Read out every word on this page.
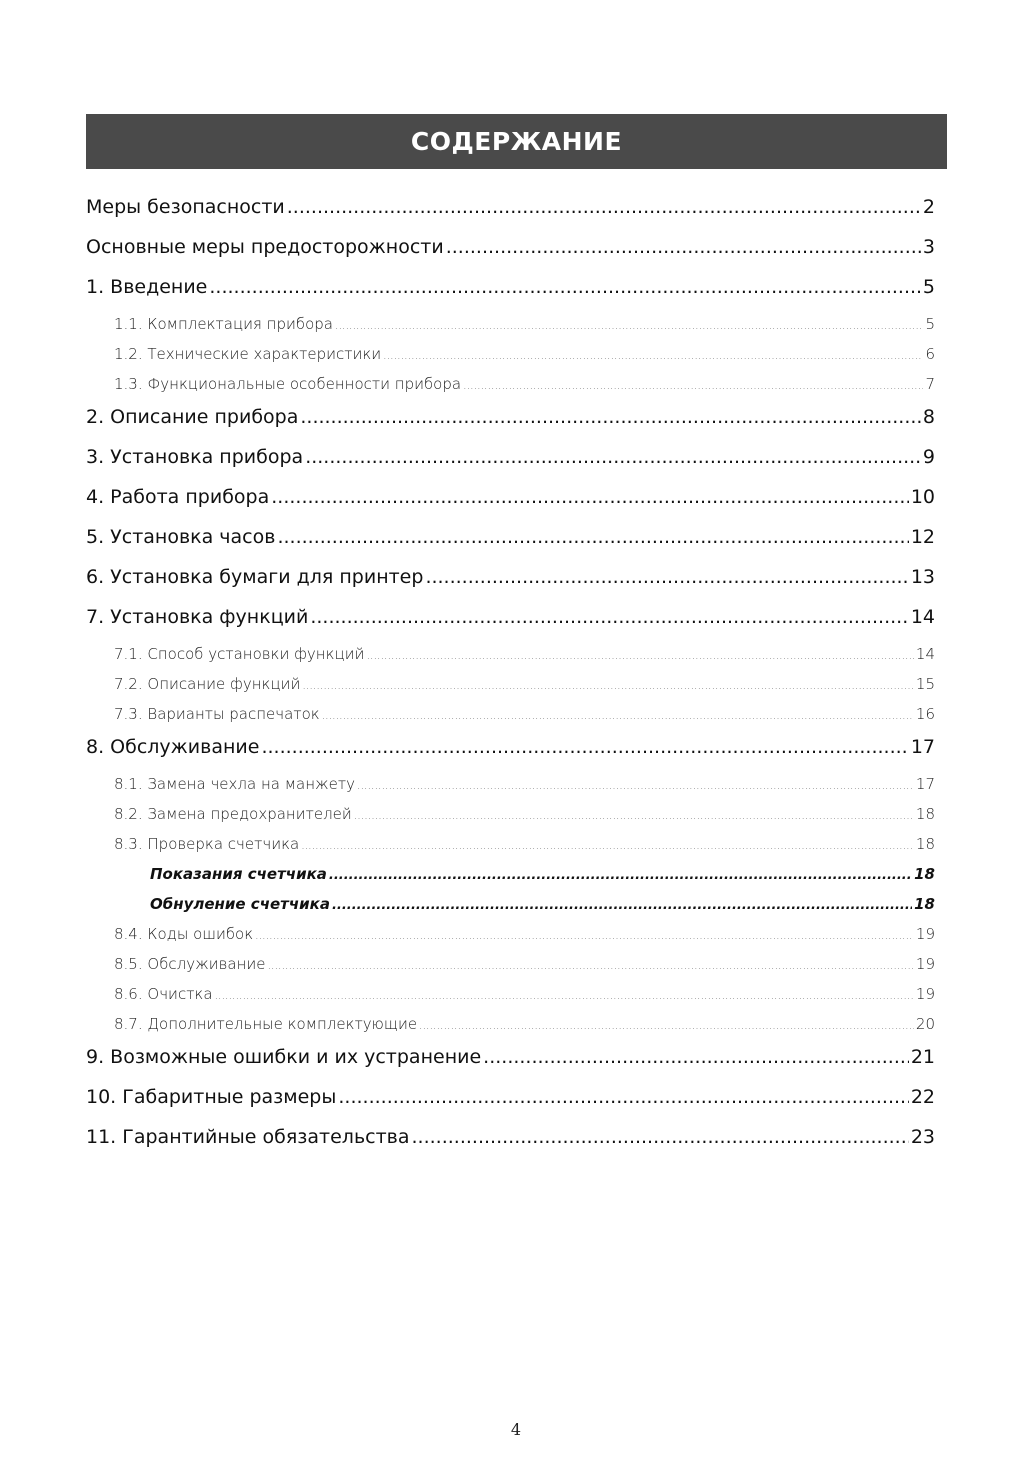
СОДЕРЖАНИЕ
Меры безопасности .....	2
Основные меры предосторожности .....	3
1. Введение .....	5
1.1. Комплектация прибора .....	5
1.2. Технические характеристики .....	6
1.3. Функциональные особенности прибора .....	7
2. Описание прибора .....	8
3. Установка прибора .....	9
4. Работа прибора .....	10
5. Установка часов .....	12
6. Установка бумаги для принтер .....	13
7. Установка функций .....	14
7.1. Способ установки функций .....	14
7.2. Описание функций .....	15
7.3. Варианты распечаток .....	16
8. Обслуживание .....	17
8.1. Замена чехла на манжету .....	17
8.2. Замена предохранителей .....	18
8.3. Проверка счетчика .....	18
Показания счетчика .....	18
Обнуление счетчика .....	18
8.4. Коды ошибок .....	19
8.5. Обслуживание .....	19
8.6. Очистка .....	19
8.7. Дополнительные комплектующие .....	20
9. Возможные ошибки и их устранение .....	21
10. Габаритные размеры .....	22
11. Гарантийные обязательства .....	23
4
